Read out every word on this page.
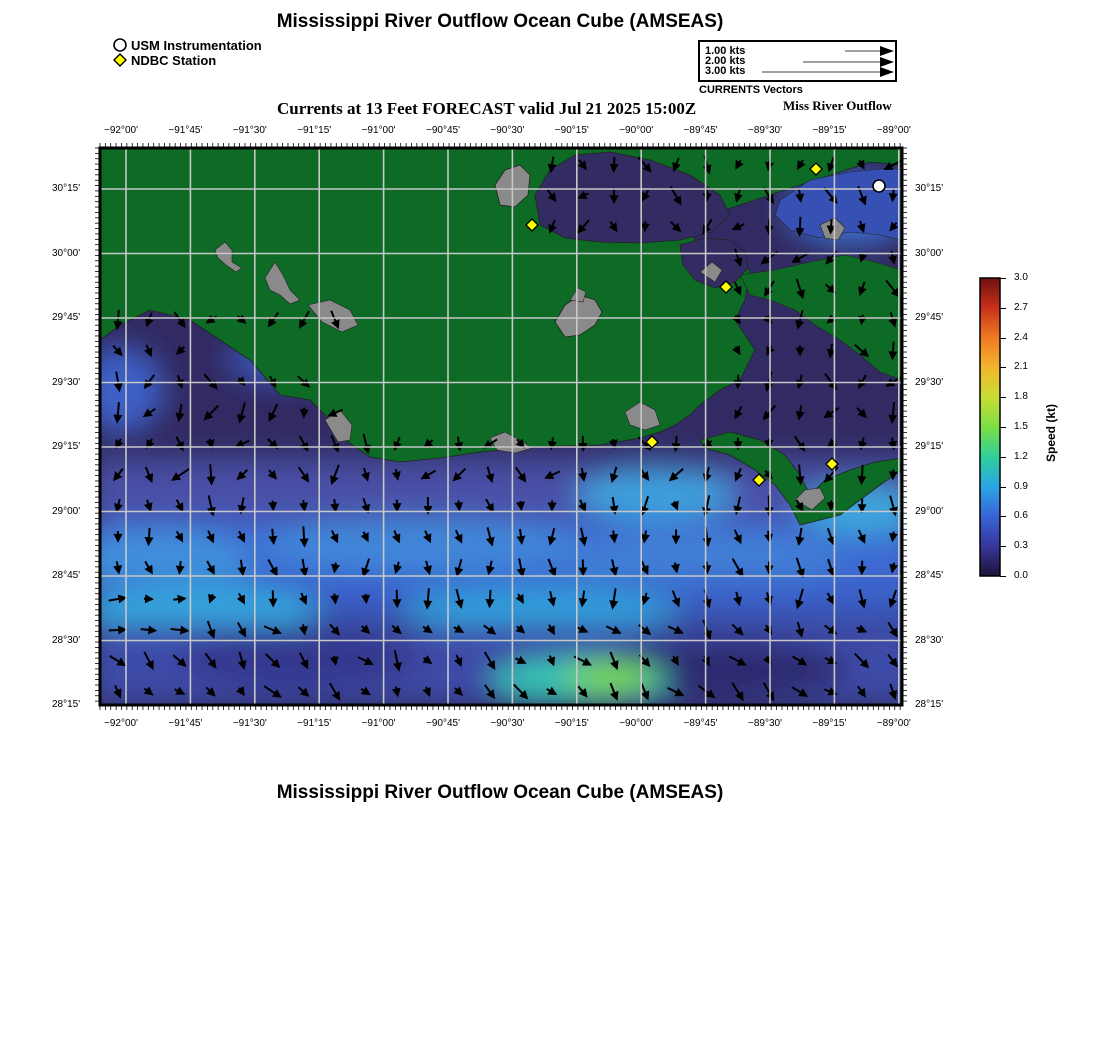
Mississippi River Outflow Ocean Cube (AMSEAS)
USM Instrumentation
NDBC Station
1.00 kts
2.00 kts
3.00 kts
CURRENTS Vectors
Currents at 13 Feet FORECAST valid Jul 21 2025 15:00Z	Miss River Outflow
Speed (kt)
Mississippi River Outflow Ocean Cube (AMSEAS)
−92°00'
−92°00'
−91°45'
−91°45'
−91°30'
−91°30'
−91°15'
−91°15'
−91°00'
−91°00'
−90°45'
−90°45'
−90°30'
−90°30'
−90°15'
−90°15'
−90°00'
−90°00'
−89°45'
−89°45'
−89°30'
−89°30'
−89°15'
−89°15'
−89°00'
−89°00'
30°15'	30°15'
30°00'	30°00'
29°45'	29°45'
29°30'	29°30'
29°15'	29°15'
29°00'	29°00'
28°45'	28°45'
28°30'	28°30'
28°15'	28°15'
3.0
2.7
2.4
2.1
1.8
1.5
1.2
0.9
0.6
0.3
0.0
